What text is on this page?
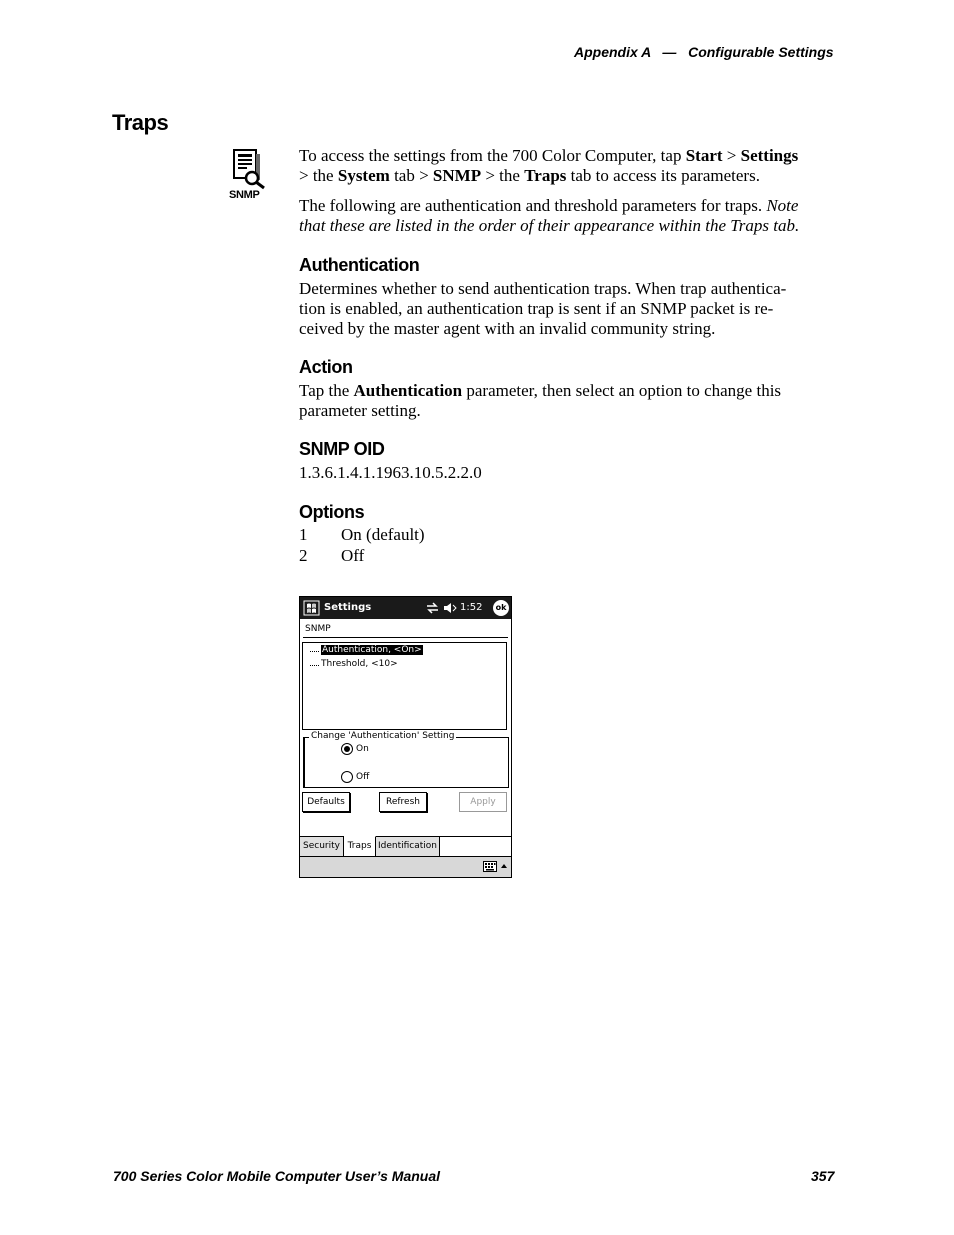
Appendix A — Configurable Settings
Traps
SNMP
To access the settings from the 700 Color Computer, tap Start > Settings
> the System tab > SNMP > the Traps tab to access its parameters.
The following are authentication and threshold parameters for traps. Note
that these are listed in the order of their appearance within the Traps tab.
Authentication
Determines whether to send authentication traps. When trap authentica-
tion is enabled, an authentication trap is sent if an SNMP packet is re-
ceived by the master agent with an invalid community string.
Action
Tap the Authentication parameter, then select an option to change this
parameter setting.
SNMP OID
1.3.6.1.4.1.1963.10.5.2.2.0
Options
1 On (default)
2 Off
Settings	1:52	ok
SNMP
Authentication, <On>
Threshold, <10>
Change 'Authentication' Setting
On
Off
Defaults	Refresh	Apply
Security Traps Identification
700 Series Color Mobile Computer User’s Manual	357
